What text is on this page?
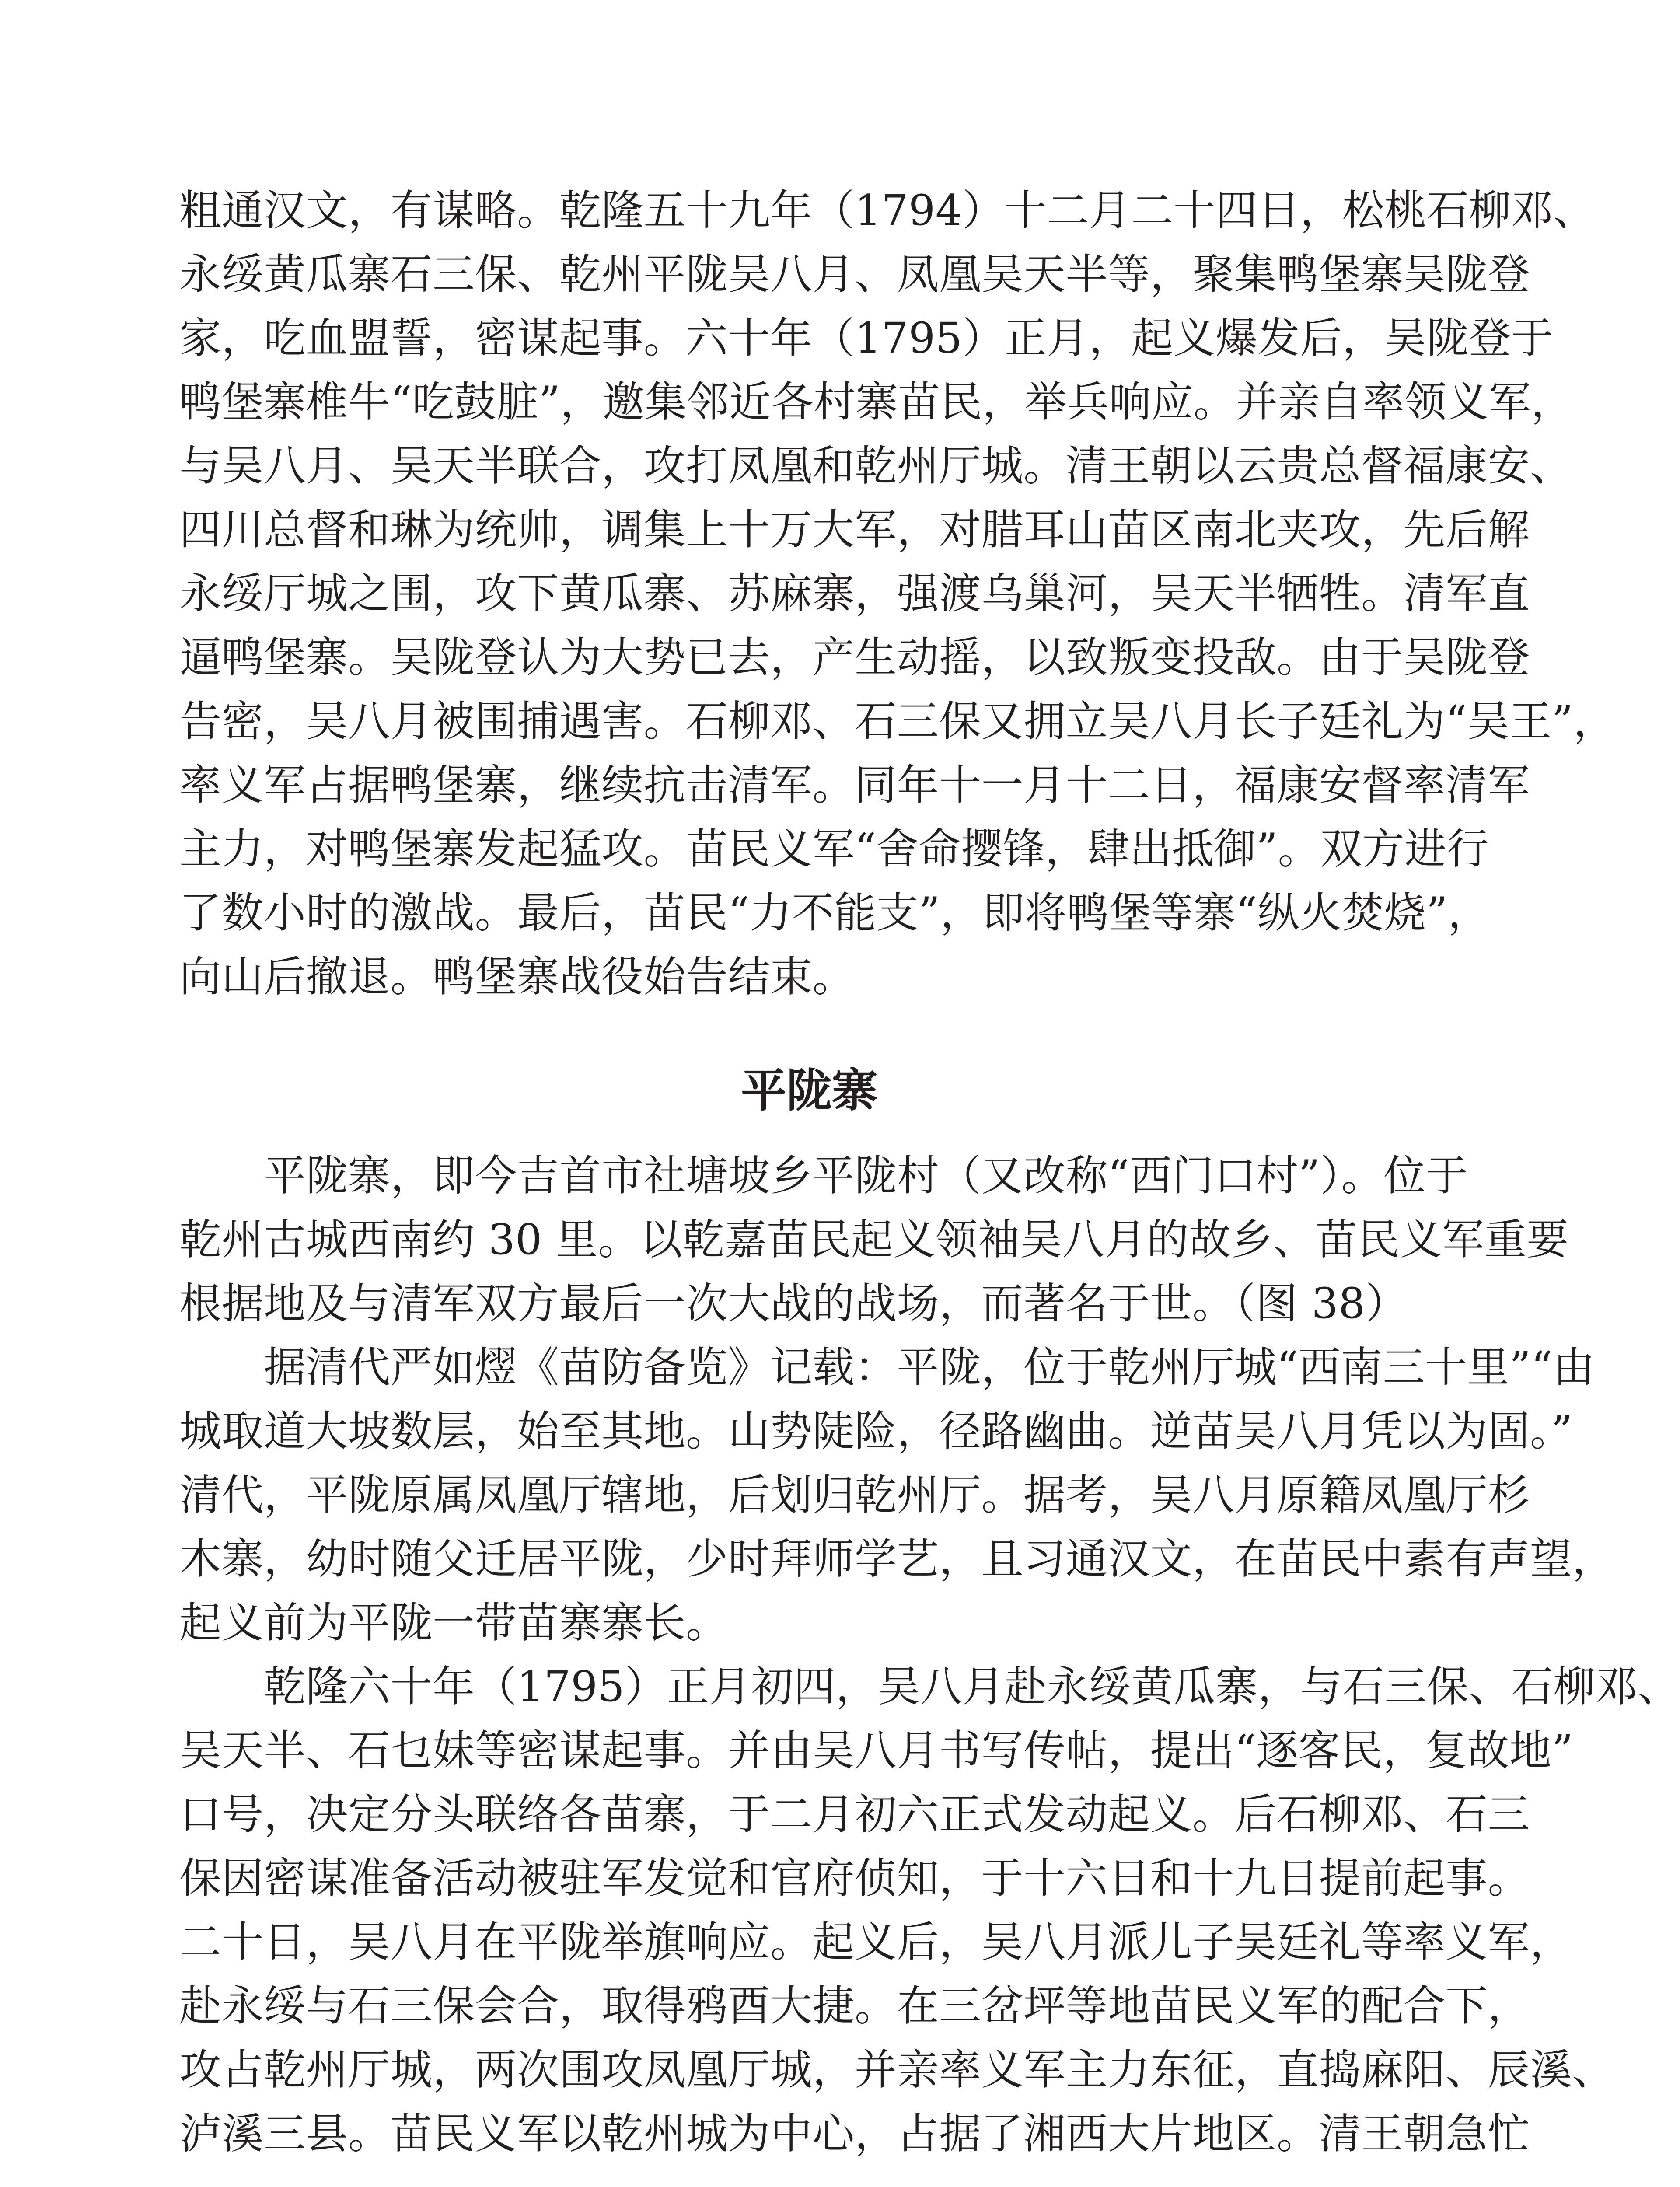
粗通汉文，有谋略。乾隆五十九年（1794）十二月二十四日，松桃石柳邓、
永绥黄瓜寨石三保、乾州平陇吴八月、凤凰吴天半等，聚集鸭堡寨吴陇登
家，吃血盟誓，密谋起事。六十年（1795）正月，起义爆发后，吴陇登于
鸭堡寨椎牛“吃鼓脏”，邀集邻近各村寨苗民，举兵响应。并亲自率领义军，
与吴八月、吴天半联合，攻打凤凰和乾州厅城。清王朝以云贵总督福康安、
四川总督和琳为统帅，调集上十万大军，对腊耳山苗区南北夹攻，先后解
永绥厅城之围，攻下黄瓜寨、苏麻寨，强渡乌巢河，吴天半牺牲。清军直
逼鸭堡寨。吴陇登认为大势已去，产生动摇，以致叛变投敌。由于吴陇登
告密，吴八月被围捕遇害。石柳邓、石三保又拥立吴八月长子廷礼为“吴王”，
率义军占据鸭堡寨，继续抗击清军。同年十一月十二日，福康安督率清军
主力，对鸭堡寨发起猛攻。苗民义军“舍命撄锋，肆出抵御”。双方进行
了数小时的激战。最后，苗民“力不能支”，即将鸭堡等寨“纵火焚烧”，
向山后撤退。鸭堡寨战役始告结束。
平陇寨
　　平陇寨，即今吉首市社塘坡乡平陇村（又改称“西门口村”）。位于
乾州古城西南约 30 里。以乾嘉苗民起义领袖吴八月的故乡、苗民义军重要
根据地及与清军双方最后一次大战的战场，而著名于世。（图 38）
　　据清代严如熤《苗防备览》记载：平陇，位于乾州厅城“西南三十里”“由
城取道大坡数层，始至其地。山势陡险，径路幽曲。逆苗吴八月凭以为固。”
清代，平陇原属凤凰厅辖地，后划归乾州厅。据考，吴八月原籍凤凰厅杉
木寨，幼时随父迁居平陇，少时拜师学艺，且习通汉文，在苗民中素有声望，
起义前为平陇一带苗寨寨长。
　　乾隆六十年（1795）正月初四，吴八月赴永绥黄瓜寨，与石三保、石柳邓、
吴天半、石乜妹等密谋起事。并由吴八月书写传帖，提出“逐客民，复故地”
口号，决定分头联络各苗寨，于二月初六正式发动起义。后石柳邓、石三
保因密谋准备活动被驻军发觉和官府侦知，于十六日和十九日提前起事。
二十日，吴八月在平陇举旗响应。起义后，吴八月派儿子吴廷礼等率义军，
赴永绥与石三保会合，取得鸦酉大捷。在三岔坪等地苗民义军的配合下，
攻占乾州厅城，两次围攻凤凰厅城，并亲率义军主力东征，直捣麻阳、辰溪、
泸溪三县。苗民义军以乾州城为中心，占据了湘西大片地区。清王朝急忙
